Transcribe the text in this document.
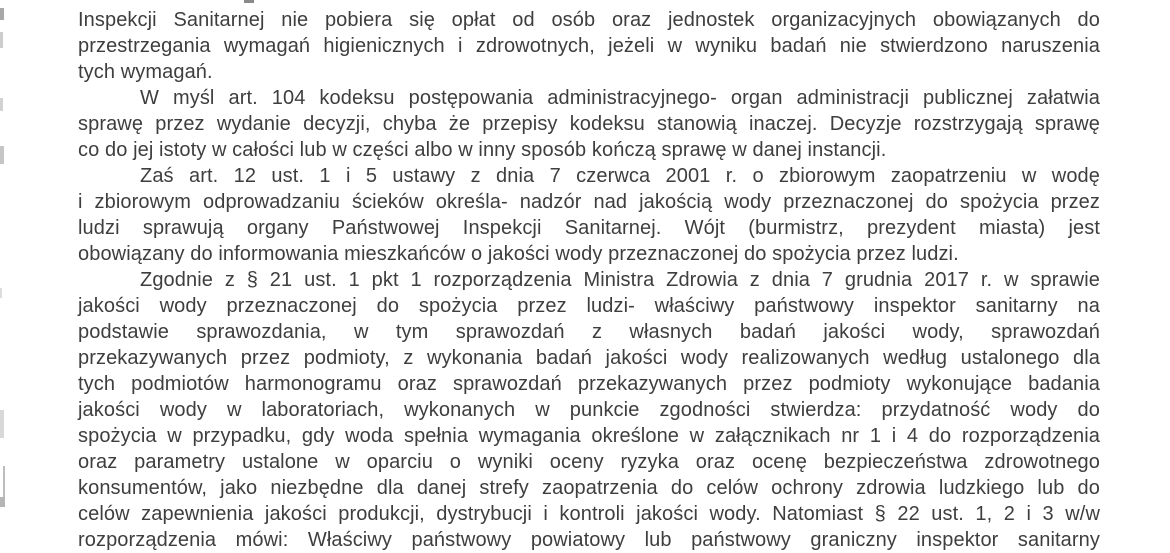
Inspekcji Sanitarnej nie pobiera się opłat od osób oraz jednostek organizacyjnych obowiązanych do
przestrzegania wymagań higienicznych i zdrowotnych, jeżeli w wyniku badań nie stwierdzono naruszenia
tych wymagań.
W myśl art. 104 kodeksu postępowania administracyjnego- organ administracji publicznej załatwia
sprawę przez wydanie decyzji, chyba że przepisy kodeksu stanowią inaczej. Decyzje rozstrzygają sprawę
co do jej istoty w całości lub w części albo w inny sposób kończą sprawę w danej instancji.
Zaś art. 12 ust. 1 i 5 ustawy z dnia 7 czerwca 2001 r. o zbiorowym zaopatrzeniu w wodę
i zbiorowym odprowadzaniu ścieków określa- nadzór nad jakością wody przeznaczonej do spożycia przez
ludzi sprawują organy Państwowej Inspekcji Sanitarnej. Wójt (burmistrz, prezydent miasta) jest
obowiązany do informowania mieszkańców o jakości wody przeznaczonej do spożycia przez ludzi.
Zgodnie z § 21 ust. 1 pkt 1 rozporządzenia Ministra Zdrowia z dnia 7 grudnia 2017 r. w sprawie
jakości wody przeznaczonej do spożycia przez ludzi- właściwy państwowy inspektor sanitarny na
podstawie sprawozdania, w tym sprawozdań z własnych badań jakości wody, sprawozdań
przekazywanych przez podmioty, z wykonania badań jakości wody realizowanych według ustalonego dla
tych podmiotów harmonogramu oraz sprawozdań przekazywanych przez podmioty wykonujące badania
jakości wody w laboratoriach, wykonanych w punkcie zgodności stwierdza: przydatność wody do
spożycia w przypadku, gdy woda spełnia wymagania określone w załącznikach nr 1 i 4 do rozporządzenia
oraz parametry ustalone w oparciu o wyniki oceny ryzyka oraz ocenę bezpieczeństwa zdrowotnego
konsumentów, jako niezbędne dla danej strefy zaopatrzenia do celów ochrony zdrowia ludzkiego lub do
celów zapewnienia jakości produkcji, dystrybucji i kontroli jakości wody. Natomiast § 22 ust. 1, 2 i 3 w/w
rozporządzenia mówi: Właściwy państwowy powiatowy lub państwowy graniczny inspektor sanitarny
